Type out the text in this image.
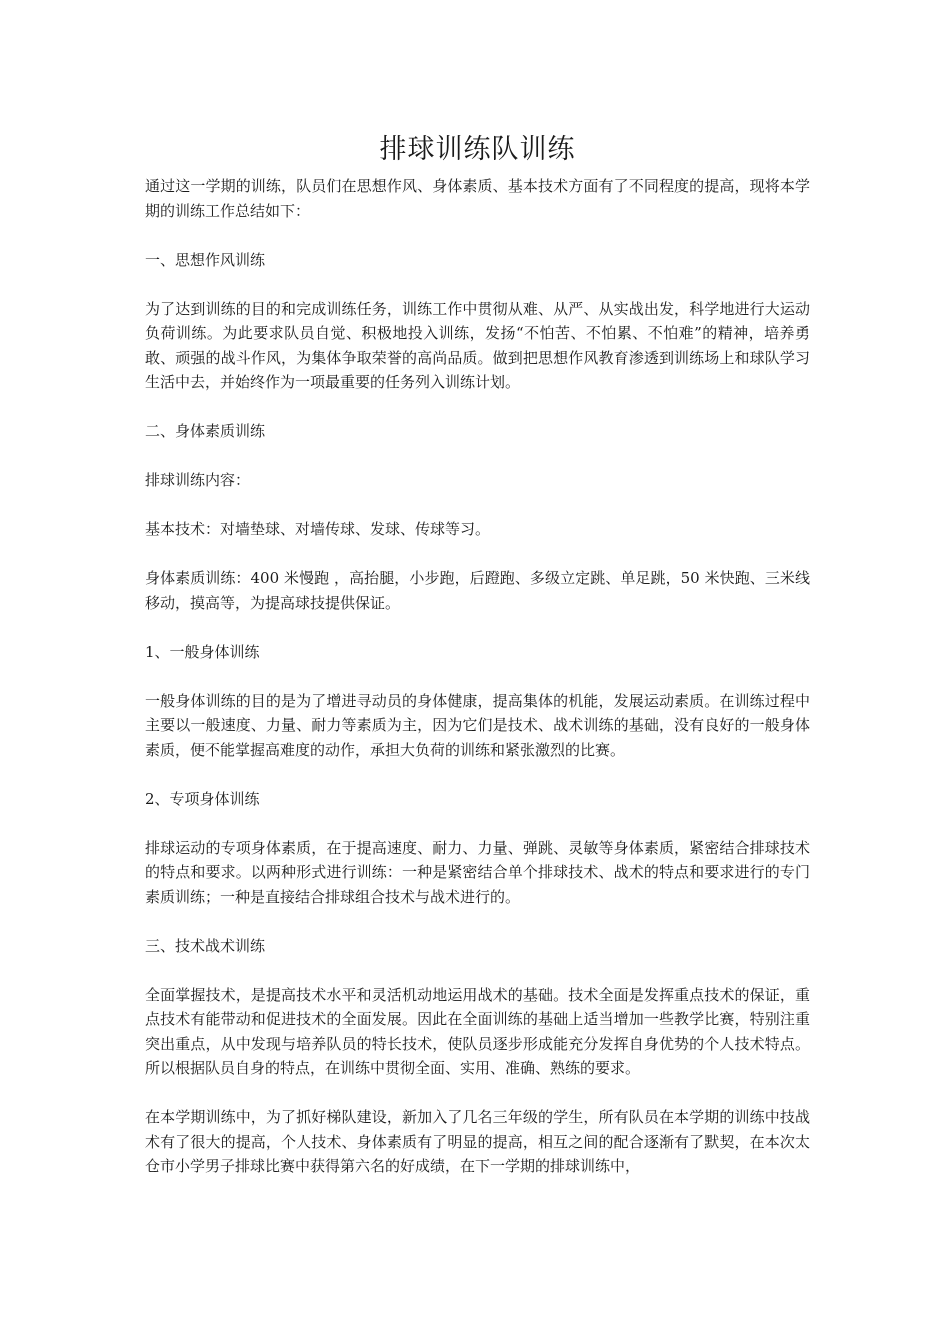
排球训练队训练

通过这一学期的训练，队员们在思想作风、身体素质、基本技术方面有了不同程度的提高，现将本学期的训练工作总结如下：

一、思想作风训练

为了达到训练的目的和完成训练任务，训练工作中贯彻从难、从严、从实战出发，科学地进行大运动负荷训练。为此要求队员自觉、积极地投入训练，发扬“不怕苦、不怕累、不怕难”的精神，培养勇敢、顽强的战斗作风，为集体争取荣誉的高尚品质。做到把思想作风教育渗透到训练场上和球队学习生活中去，并始终作为一项最重要的任务列入训练计划。

二、身体素质训练

排球训练内容：

基本技术：对墙垫球、对墙传球、发球、传球等习。

身体素质训练：400 米慢跑 ，高抬腿，小步跑，后蹬跑、多级立定跳、单足跳，50 米快跑、三米线移动，摸高等，为提高球技提供保证。

1、一般身体训练

一般身体训练的目的是为了增进寻动员的身体健康，提高集体的机能，发展运动素质。在训练过程中主要以一般速度、力量、耐力等素质为主，因为它们是技术、战术训练的基础，没有良好的一般身体素质，便不能掌握高难度的动作，承担大负荷的训练和紧张激烈的比赛。

2、专项身体训练

排球运动的专项身体素质，在于提高速度、耐力、力量、弹跳、灵敏等身体素质，紧密结合排球技术的特点和要求。以两种形式进行训练：一种是紧密结合单个排球技术、战术的特点和要求进行的专门素质训练；一种是直接结合排球组合技术与战术进行的。

三、技术战术训练

全面掌握技术，是提高技术水平和灵活机动地运用战术的基础。技术全面是发挥重点技术的保证，重点技术有能带动和促进技术的全面发展。因此在全面训练的基础上适当增加一些教学比赛，特别注重突出重点，从中发现与培养队员的特长技术，使队员逐步形成能充分发挥自身优势的个人技术特点。所以根据队员自身的特点，在训练中贯彻全面、实用、准确、熟练的要求。

在本学期训练中，为了抓好梯队建设，新加入了几名三年级的学生，所有队员在本学期的训练中技战术有了很大的提高，个人技术、身体素质有了明显的提高，相互之间的配合逐渐有了默契，在本次太仓市小学男子排球比赛中获得第六名的好成绩，在下一学期的排球训练中，
